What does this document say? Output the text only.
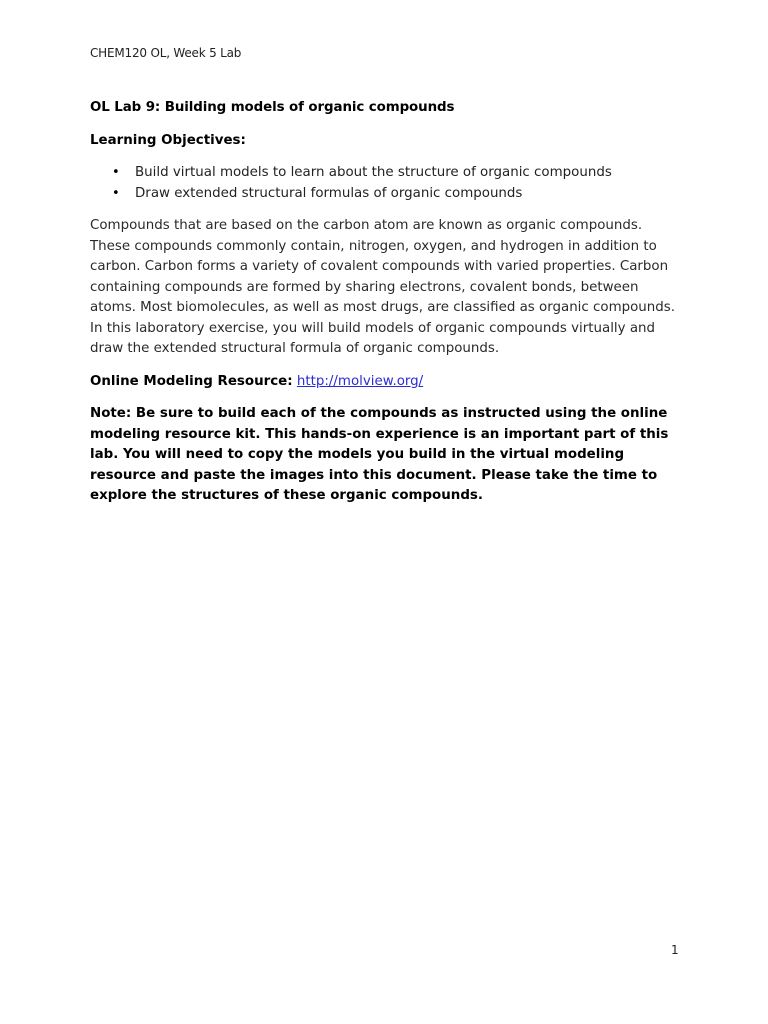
CHEM120 OL, Week 5 Lab

OL Lab 9: Building models of organic compounds

Learning Objectives:

• Build virtual models to learn about the structure of organic compounds
• Draw extended structural formulas of organic compounds

Compounds that are based on the carbon atom are known as organic compounds. These compounds commonly contain, nitrogen, oxygen, and hydrogen in addition to carbon. Carbon forms a variety of covalent compounds with varied properties. Carbon containing compounds are formed by sharing electrons, covalent bonds, between atoms. Most biomolecules, as well as most drugs, are classified as organic compounds. In this laboratory exercise, you will build models of organic compounds virtually and draw the extended structural formula of organic compounds.

Online Modeling Resource: http://molview.org/

Note: Be sure to build each of the compounds as instructed using the online modeling resource kit. This hands-on experience is an important part of this lab. You will need to copy the models you build in the virtual modeling resource and paste the images into this document. Please take the time to explore the structures of these organic compounds.

1
